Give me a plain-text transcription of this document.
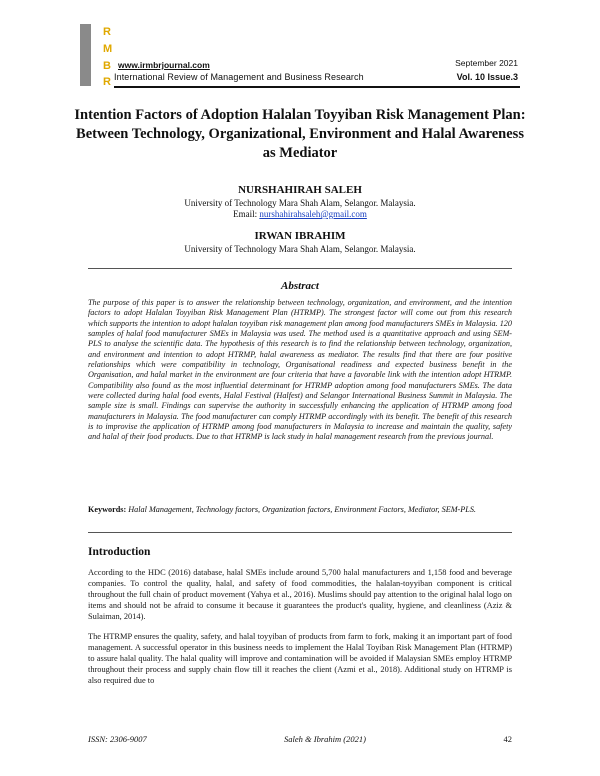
R
M
B
R
www.irmbrjournal.com
International Review of Management and Business Research
September 2021
Vol. 10 Issue.3
Intention Factors of Adoption Halalan Toyyiban Risk Management Plan: Between Technology, Organizational, Environment and Halal Awareness as Mediator
NURSHAHIRAH SALEH
University of Technology Mara Shah Alam, Selangor. Malaysia.
Email: nurshahirahsaleh@gmail.com
IRWAN IBRAHIM
University of Technology Mara Shah Alam, Selangor. Malaysia.
Abstract
The purpose of this paper is to answer the relationship between technology, organization, and environment, and the intention factors to adopt Halalan Toyyiban Risk Management Plan (HTRMP). The strongest factor will come out from this research which supports the intention to adopt halalan toyyiban risk management plan among food manufacturers SMEs in Malaysia. 120 samples of halal food manufacturer SMEs in Malaysia was used. The method used is a quantitative approach and using SEM-PLS to analyse the scientific data. The hypothesis of this research is to find the relationship between technology, organization, and environment and intention to adopt HTRMP, halal awareness as mediator. The results find that there are four positive relationships which were compatibility in technology, Organisational readiness and expected business benefit in the Organisation, and halal market in the environment are four criteria that have a favorable link with the intention adopt HTRMP. Compatibility also found as the most influential determinant for HTRMP adoption among food manufacturers SMEs. The data were collected during halal food events, Halal Festival (Halfest) and Selangor International Business Summit in Malaysia. The sample size is small. Findings can supervise the authority in successfully enhancing the application of HTRMP among food manufacturers in Malaysia. The food manufacturer can comply HTRMP accordingly with its benefit. The benefit of this research is to improvise the application of HTRMP among food manufacturers in Malaysia to increase and maintain the quality, safety and halal of their food products. Due to that HTRMP is lack study in halal management research from the previous journal.
Keywords: Halal Management, Technology factors, Organization factors, Environment Factors, Mediator, SEM-PLS.
Introduction
According to the HDC (2016) database, halal SMEs include around 5,700 halal manufacturers and 1,158 food and beverage companies. To control the quality, halal, and safety of food commodities, the halalan-toyyiban component is critical throughout the full chain of product movement (Yahya et al., 2016). Muslims should pay attention to the original halal logo on items and should not be afraid to consume it because it guarantees the product's quality, hygiene, and cleanliness (Aziz & Sulaiman, 2014).
The HTRMP ensures the quality, safety, and halal toyyiban of products from farm to fork, making it an important part of food management. A successful operator in this business needs to implement the Halal Toyiban Risk Management Plan (HTRMP) to assure halal quality. The halal quality will improve and contamination will be avoided if Malaysian SMEs employ HTRMP throughout their process and supply chain flow till it reaches the client (Azmi et al., 2018). Additional study on HTRMP is also required due to
ISSN: 2306-9007	Saleh & Ibrahim (2021)	42
